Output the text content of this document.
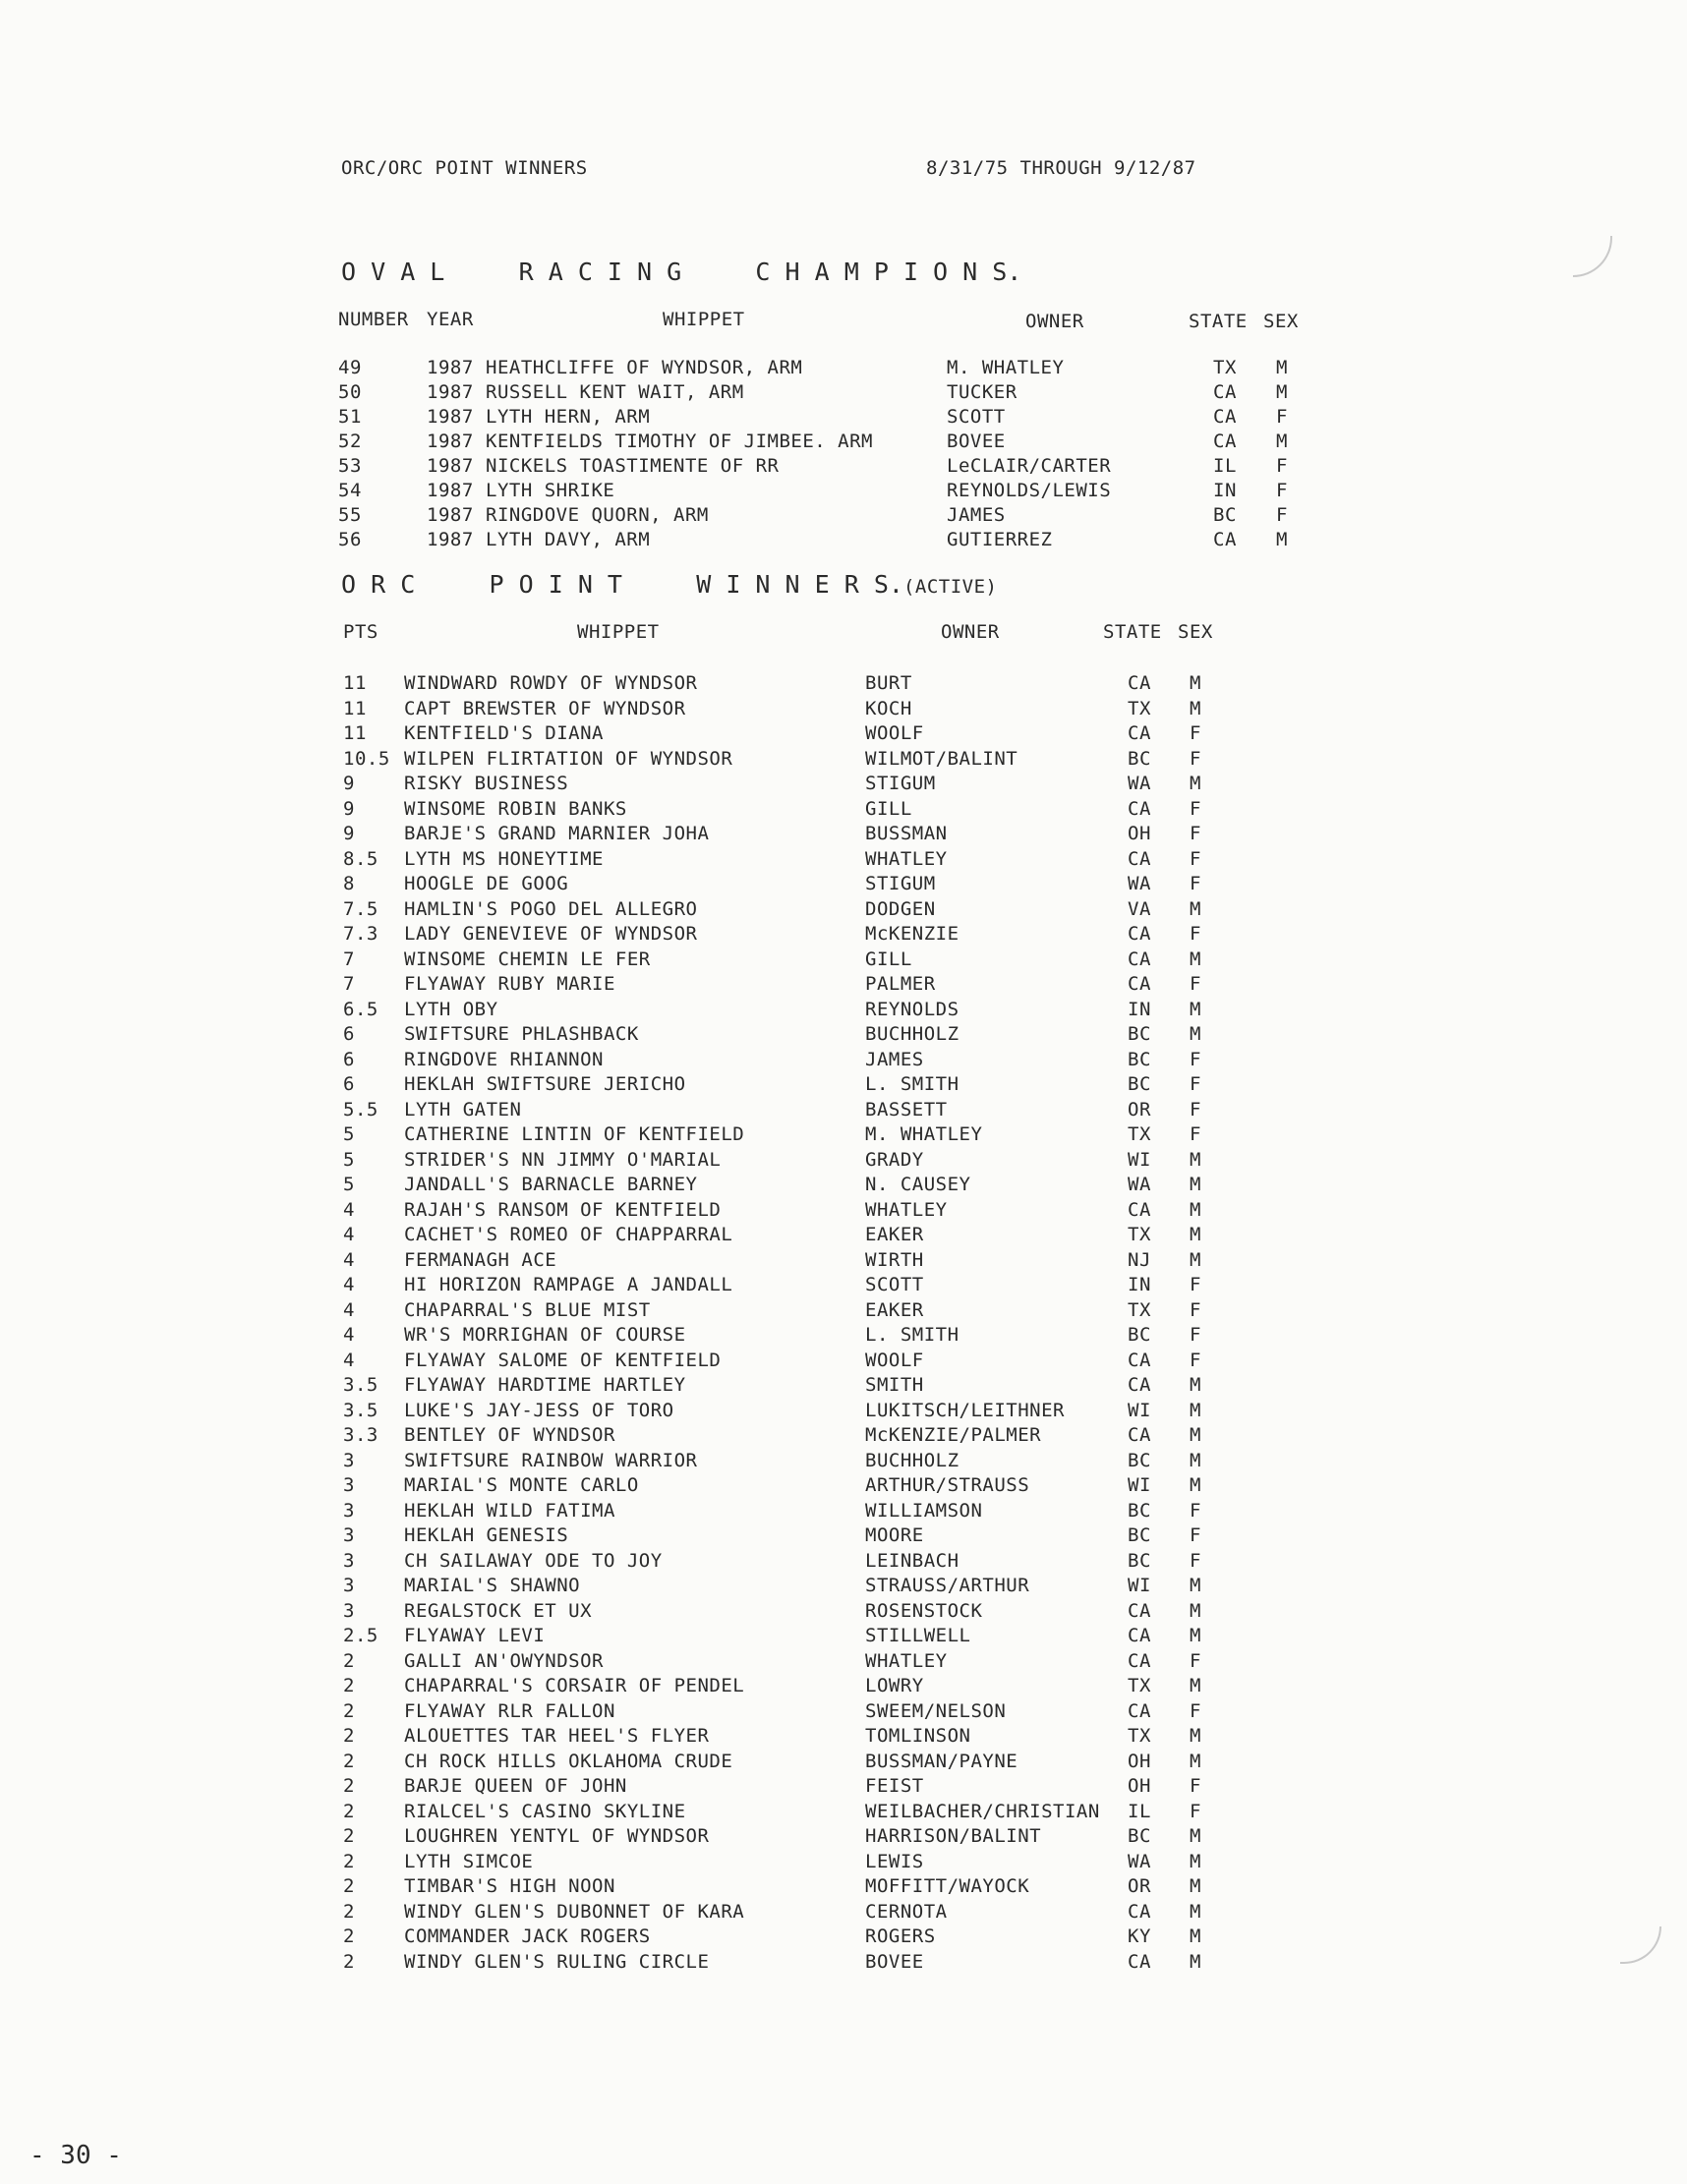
ORC/ORC POINT WINNERS	8/31/75 THROUGH 9/12/87
O V A L     R A C I N G     C H A M P I O N S.
NUMBER YEAR	WHIPPET	OWNER	STATE SEX
49	1987 HEATHCLIFFE OF WYNDSOR, ARM	M. WHATLEY	TX M
50	1987 RUSSELL KENT WAIT, ARM	TUCKER	CA M
51	1987 LYTH HERN, ARM	SCOTT	CA F
52	1987 KENTFIELDS TIMOTHY OF JIMBEE. ARM	BOVEE	CA M
53	1987 NICKELS TOASTIMENTE OF RR	LeCLAIR/CARTER	IL F
54	1987 LYTH SHRIKE	REYNOLDS/LEWIS	IN F
55	1987 RINGDOVE QUORN, ARM	JAMES	BC F
56	1987 LYTH DAVY, ARM	GUTIERREZ	CA M
O R C     P O I N T     W I N N E R S.(ACTIVE)
PTS	WHIPPET	OWNER	STATE SEX
11 WINDWARD ROWDY OF WYNDSOR	BURT	CA M
11 CAPT BREWSTER OF WYNDSOR	KOCH	TX M
11 KENTFIELD'S DIANA	WOOLF	CA F
10.5 WILPEN FLIRTATION OF WYNDSOR	WILMOT/BALINT	BC F
9	RISKY BUSINESS	STIGUM	WA M
9	WINSOME ROBIN BANKS	GILL	CA F
9	BARJE'S GRAND MARNIER JOHA	BUSSMAN	OH F
8.5 LYTH MS HONEYTIME	WHATLEY	CA F
8	HOOGLE DE GOOG	STIGUM	WA F
7.5 HAMLIN'S POGO DEL ALLEGRO	DODGEN	VA M
7.3 LADY GENEVIEVE OF WYNDSOR	McKENZIE	CA F
7	WINSOME CHEMIN LE FER	GILL	CA M
7	FLYAWAY RUBY MARIE	PALMER	CA F
6.5 LYTH OBY	REYNOLDS	IN M
6	SWIFTSURE PHLASHBACK	BUCHHOLZ	BC M
6	RINGDOVE RHIANNON	JAMES	BC F
6	HEKLAH SWIFTSURE JERICHO	L. SMITH	BC F
5.5 LYTH GATEN	BASSETT	OR F
5	CATHERINE LINTIN OF KENTFIELD	M. WHATLEY	TX F
5	STRIDER'S NN JIMMY O'MARIAL	GRADY	WI M
5	JANDALL'S BARNACLE BARNEY	N. CAUSEY	WA M
4	RAJAH'S RANSOM OF KENTFIELD	WHATLEY	CA M
4	CACHET'S ROMEO OF CHAPPARRAL	EAKER	TX M
4	FERMANAGH ACE	WIRTH	NJ M
4	HI HORIZON RAMPAGE A JANDALL	SCOTT	IN F
4	CHAPARRAL'S BLUE MIST	EAKER	TX F
4	WR'S MORRIGHAN OF COURSE	L. SMITH	BC F
4	FLYAWAY SALOME OF KENTFIELD	WOOLF	CA F
3.5 FLYAWAY HARDTIME HARTLEY	SMITH	CA M
3.5 LUKE'S JAY-JESS OF TORO	LUKITSCH/LEITHNER	WI M
3.3 BENTLEY OF WYNDSOR	McKENZIE/PALMER	CA M
3	SWIFTSURE RAINBOW WARRIOR	BUCHHOLZ	BC M
3	MARIAL'S MONTE CARLO	ARTHUR/STRAUSS	WI M
3	HEKLAH WILD FATIMA	WILLIAMSON	BC F
3	HEKLAH GENESIS	MOORE	BC F
3	CH SAILAWAY ODE TO JOY	LEINBACH	BC F
3	MARIAL'S SHAWNO	STRAUSS/ARTHUR	WI M
3	REGALSTOCK ET UX	ROSENSTOCK	CA M
2.5 FLYAWAY LEVI	STILLWELL	CA M
2	GALLI AN'OWYNDSOR	WHATLEY	CA F
2	CHAPARRAL'S CORSAIR OF PENDEL	LOWRY	TX M
2	FLYAWAY RLR FALLON	SWEEM/NELSON	CA F
2	ALOUETTES TAR HEEL'S FLYER	TOMLINSON	TX M
2	CH ROCK HILLS OKLAHOMA CRUDE	BUSSMAN/PAYNE	OH M
2	BARJE QUEEN OF JOHN	FEIST	OH F
2	RIALCEL'S CASINO SKYLINE	WEILBACHER/CHRISTIAN IL F
2	LOUGHREN YENTYL OF WYNDSOR	HARRISON/BALINT	BC M
2	LYTH SIMCOE	LEWIS	WA M
2	TIMBAR'S HIGH NOON	MOFFITT/WAYOCK	OR M
2	WINDY GLEN'S DUBONNET OF KARA	CERNOTA	CA M
2	COMMANDER JACK ROGERS	ROGERS	KY M
2	WINDY GLEN'S RULING CIRCLE	BOVEE	CA M
- 30 -
